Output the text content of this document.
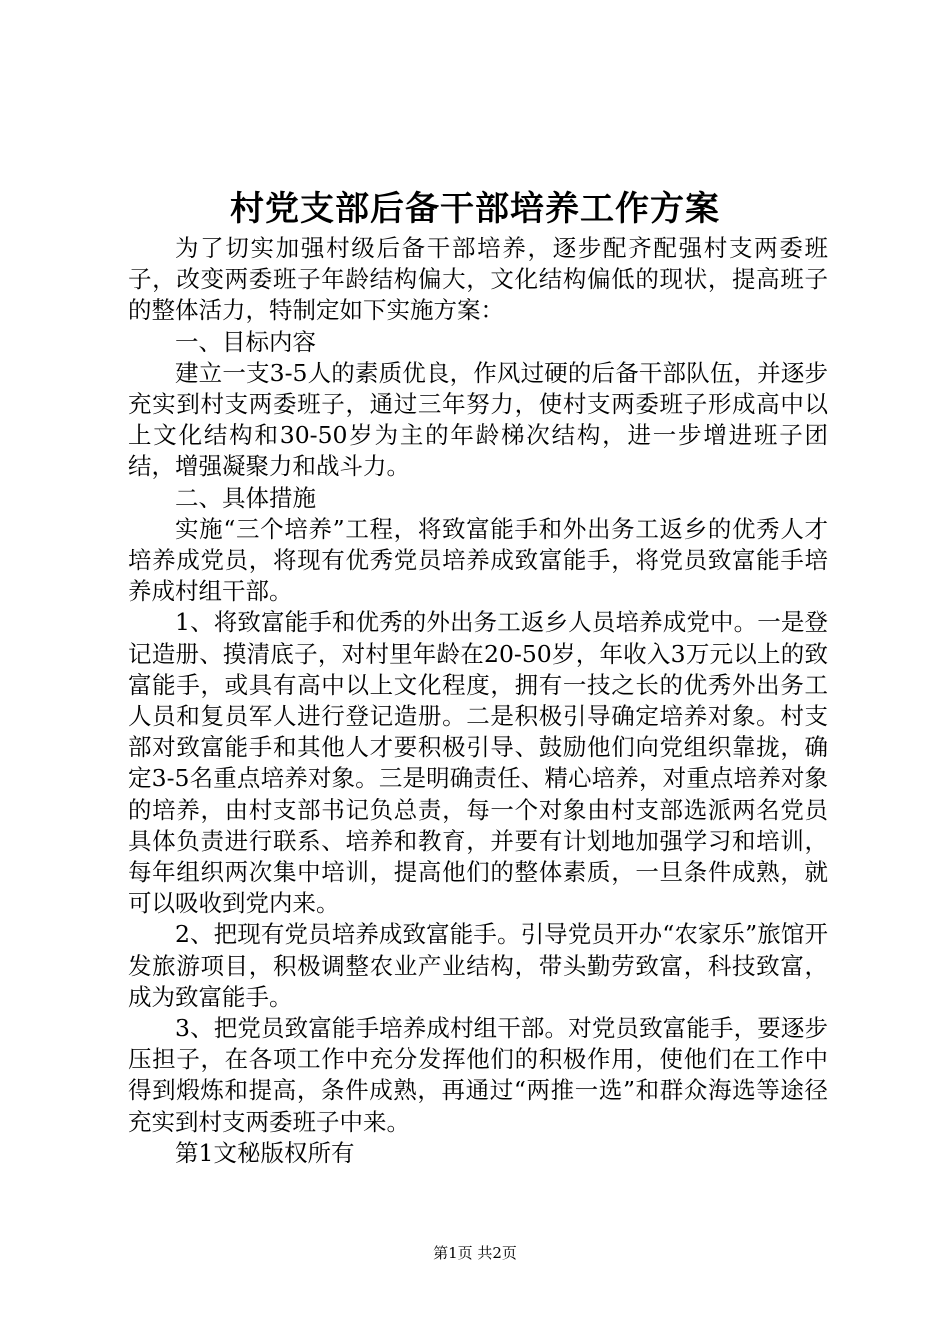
村党支部后备干部培养工作方案

为了切实加强村级后备干部培养，逐步配齐配强村支两委班子，改变两委班子年龄结构偏大，文化结构偏低的现状，提高班子的整体活力，特制定如下实施方案：

一、目标内容

建立一支3-5人的素质优良，作风过硬的后备干部队伍，并逐步充实到村支两委班子，通过三年努力，使村支两委班子形成高中以上文化结构和30-50岁为主的年龄梯次结构，进一步增进班子团结，增强凝聚力和战斗力。

二、具体措施

实施“三个培养”工程，将致富能手和外出务工返乡的优秀人才培养成党员，将现有优秀党员培养成致富能手，将党员致富能手培养成村组干部。

1、将致富能手和优秀的外出务工返乡人员培养成党中。一是登记造册、摸清底子，对村里年龄在20-50岁，年收入3万元以上的致富能手，或具有高中以上文化程度，拥有一技之长的优秀外出务工人员和复员军人进行登记造册。二是积极引导确定培养对象。村支部对致富能手和其他人才要积极引导、鼓励他们向党组织靠拢，确定3-5名重点培养对象。三是明确责任、精心培养，对重点培养对象的培养，由村支部书记负总责，每一个对象由村支部选派两名党员具体负责进行联系、培养和教育，并要有计划地加强学习和培训，每年组织两次集中培训，提高他们的整体素质，一旦条件成熟，就可以吸收到党内来。

2、把现有党员培养成致富能手。引导党员开办“农家乐”旅馆开发旅游项目，积极调整农业产业结构，带头勤劳致富，科技致富，成为致富能手。

3、把党员致富能手培养成村组干部。对党员致富能手，要逐步压担子，在各项工作中充分发挥他们的积极作用，使他们在工作中得到煅炼和提高，条件成熟，再通过“两推一选”和群众海选等途径充实到村支两委班子中来。

第1文秘版权所有

第1页 共2页
